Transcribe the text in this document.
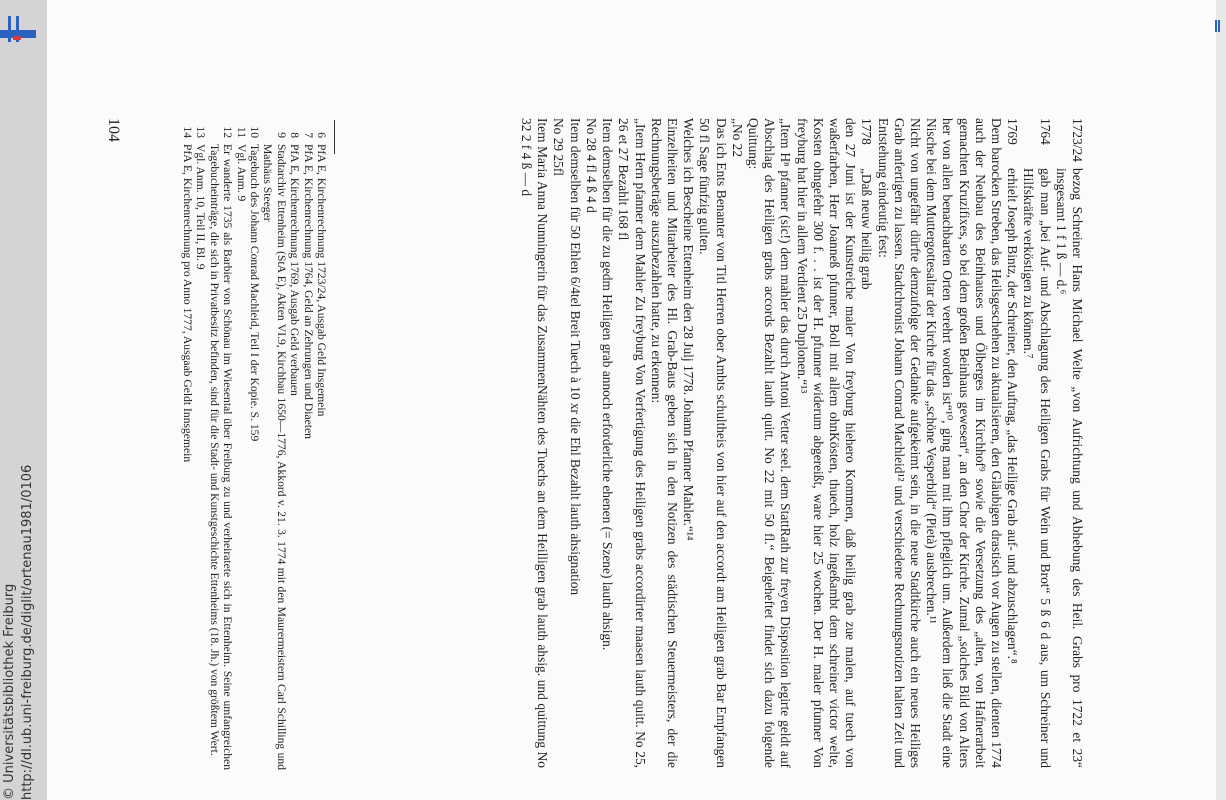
http://dl.ub.uni-freiburg.de/diglit/ortenau1981/0106
© Universitätsbibliothek Freiburg
1723/24
bezog Schreiner Hans Michael Welte „von Aufrichtung und Abhebung des Heil. Grabs pro 1722 et 23“ insgesamt 1 f 1 ß — d.⁶
1764
gab man „bei Auf- und Abschlagung des Heiligen Grabs für Wein und Brot“ 5 ß 6 d aus, um Schreiner und Hilfskräfte verköstigen zu können.⁷
1769
erhielt Joseph Bintz, der Schreiner, den Auftrag, „das Heilige Grab auf- und abzuschlagen“.⁸

Dem barocken Streben, das Heilsgeschehen zu aktualisieren, den Gläubigen drastisch vor Augen zu stellen, dienten 1774 auch der Neubau des Beinhauses und Ölberges im Kirchhof⁹ sowie die Versetzung des „alten, von Hafnerarbeit gemachten Kruzifixes, so bei dem großen Beinhaus gewesen“, an den Chor der Kirche. Zumal „solches Bild von Alters her von allen benachbarten Orten verehrt worden ist“¹⁰, ging man mit ihm pfleglich um. Außerdem ließ die Stadt eine Nische bei dem Muttergottesaltar der Kirche für das „schöne Vesperbild“ (Pietà) ausbrechen.¹¹

Nicht von ungefähr dürfte demzufolge der Gedanke aufgekeimt sein, in die neue Stadtkirche auch ein neues Heiliges Grab anfertigen zu lassen. Stadtchronist Johann Conrad Machleid¹² und verschiedene Rechnungsnotizen halten Zeit und Entstehung eindeutig fest:

1778
„Daß neuw heilig grab

den 27 Juni ist der Kunstreiche maler Von freyburg hiehero Kommen, daß heilig grab zue malen, auf tuech von waßerfarben, Herr Joanneß pfunner, Boll mit allem ohnKösten, thuech, holz ingeßambt dem schreiner victor welte, Kosten ohngefehr 300 f. . . ist der H. pfunner widerum abgereißt, ware hier 25 wochen. Der H. maler pfunner Von freyburg hat hier in allem Verdient 25 Duplonen.“¹³

„Item Hⁿ pfanner (sic!) dem mahler das durch Antoni Vetter seel. dem StattRath zur freyen Disposition legirte geldt auf Abschlag des Heiligen grabs accords Bezahlt lauth quitt. No 22 mit 50 fl.“ Beigeheftet findet sich dazu folgende Quittung:

„No 22

Das ich Ents Benanter von Titl Herren ober Ambts schultheis von hier auf den accordt am Heiligen grab Bar Empfangen 50 fl Sage fünfzig gulten.

Welches ich Bescheine Ettenheim den 28 Julj 1778. Johann Pfanner Mahler.“¹⁴

Einzelheiten und Mitarbeiter des Hl. Grab-Baus geben sich in den Notizen des städtischen Steuermeisters, der die Rechnungsbeträge auszubezahlen hatte, zu erkennen:

„Item Hern pfanner dem Mahler Zu freyburg Von Verfertigung des Heiligen grabs accordirter maasen lauth quitt. No 25, 26 et 27 Bezahlt 168 fl

Item demselben für die zu gedm Heiligen grab annoch erforderliche ehenen (= Szene) lauth ahsign.

No 28 4 fl 4 ß 4 d

Item demselben für 50 Ehlen 6/4tel Breit Tuech à 10 xr die Ehl Bezahlt lauth ahsignation

No 29 25fl

Item Maria Anna Nunningerin für das ZusammenNähten des Tuechs an dem Heilligen grab lauth ahsig. und quittung No 32 2 f 4 ß — d

6
PfA E, Kirchenrechnung 1723/24, Ausgab Geld Insgemein
7
PfA E, Kirchenrechnung 1764, Geld an Zehrungen und Diaeten
8
PfA E, Kirchenrechnung 1769, Ausgab Geld verbauen
9
Stadtarchiv Ettenheim (StA E), Akten VI.9, Kirchbau 1650—1776, Akkord v. 21. 3. 1774 mit den Maurermeistern Carl Schilling und Mathäus Steeger
10
Tagebuch des Johann Conrad Machleid, Teil I der Kopie. S. 159
11
Vgl. Anm. 9
12
Er wanderte 1735 als Barbier von Schönau im Wiesental über Freiburg zu und verheiratete sich in Ettenheim. Seine umfangreichen Tagebucheinträge, die sich in Privatbesitz befinden, sind für die Stadt- und Kunstgeschichte Ettenheims (18. Jh.) von größtem Wert.
13
Vgl. Anm. 10, Teil II, Bl. 9
14
PfA E, Kirchenrechnung pro Anno 1777, Ausgaab Geldt Innsgemein
104
